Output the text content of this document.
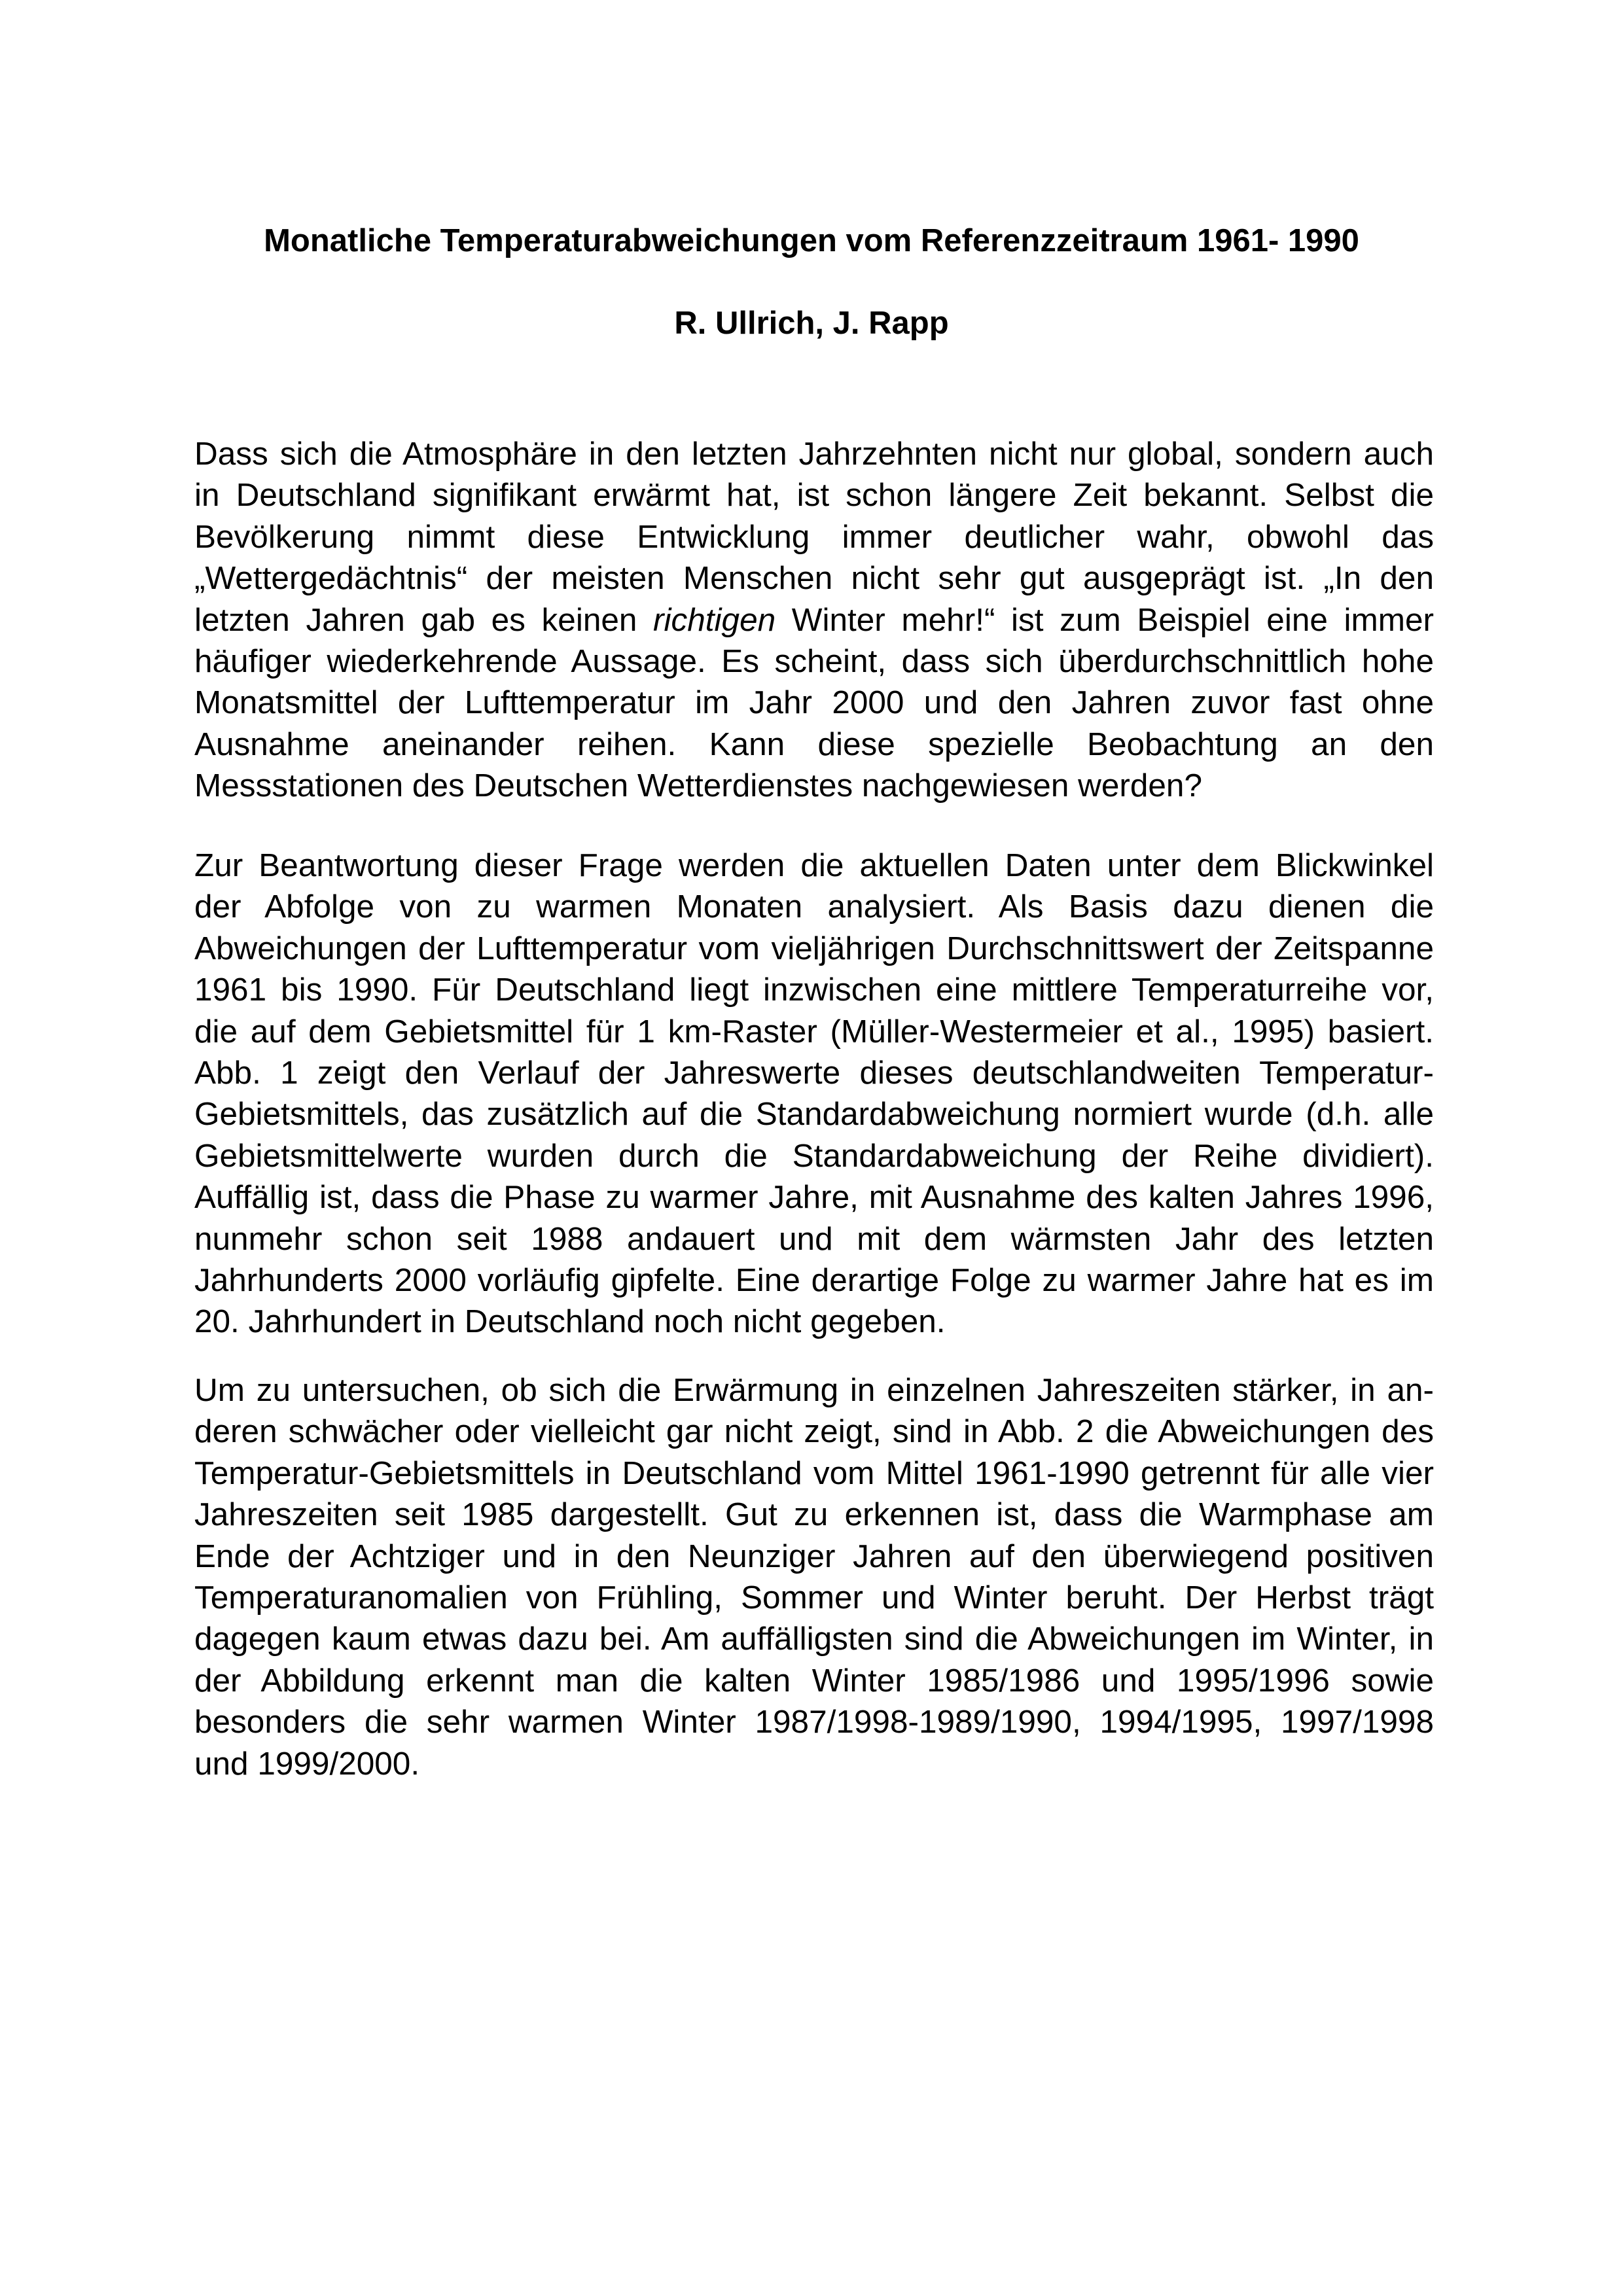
Monatliche Temperaturabweichungen vom Referenzzeitraum 1961- 1990
R. Ullrich, J. Rapp
Dass sich die Atmosphäre in den letzten Jahrzehnten nicht nur global, sondern auch
in Deutschland signifikant erwärmt hat, ist schon längere Zeit bekannt. Selbst die
Bevölkerung nimmt diese Entwicklung immer deutlicher wahr, obwohl das
„Wettergedächtnis“ der meisten Menschen nicht sehr gut ausgeprägt ist. „In den
letzten Jahren gab es keinen richtigen Winter mehr!“ ist zum Beispiel eine immer
häufiger wiederkehrende Aussage. Es scheint, dass sich überdurchschnittlich hohe
Monatsmittel der Lufttemperatur im Jahr 2000 und den Jahren zuvor fast ohne
Ausnahme aneinander reihen. Kann diese spezielle Beobachtung an den
Messstationen des Deutschen Wetterdienstes nachgewiesen werden?
Zur Beantwortung dieser Frage werden die aktuellen Daten unter dem Blickwinkel
der Abfolge von zu warmen Monaten analysiert. Als Basis dazu dienen die
Abweichungen der Lufttemperatur vom vieljährigen Durchschnittswert der Zeitspanne
1961 bis 1990. Für Deutschland liegt inzwischen eine mittlere Temperaturreihe vor,
die auf dem Gebietsmittel für 1 km-Raster (Müller-Westermeier et al., 1995) basiert.
Abb. 1 zeigt den Verlauf der Jahreswerte dieses deutschlandweiten Temperatur-
Gebietsmittels, das zusätzlich auf die Standardabweichung normiert wurde (d.h. alle
Gebietsmittelwerte wurden durch die Standardabweichung der Reihe dividiert).
Auffällig ist, dass die Phase zu warmer Jahre, mit Ausnahme des kalten Jahres 1996,
nunmehr schon seit 1988 andauert und mit dem wärmsten Jahr des letzten
Jahrhunderts 2000 vorläufig gipfelte. Eine derartige Folge zu warmer Jahre hat es im
20. Jahrhundert in Deutschland noch nicht gegeben.
Um zu untersuchen, ob sich die Erwärmung in einzelnen Jahreszeiten stärker, in an-
deren schwächer oder vielleicht gar nicht zeigt, sind in Abb. 2 die Abweichungen des
Temperatur-Gebietsmittels in Deutschland vom Mittel 1961-1990 getrennt für alle vier
Jahreszeiten seit 1985 dargestellt. Gut zu erkennen ist, dass die Warmphase am
Ende der Achtziger und in den Neunziger Jahren auf den überwiegend positiven
Temperaturanomalien von Frühling, Sommer und Winter beruht. Der Herbst trägt
dagegen kaum etwas dazu bei. Am auffälligsten sind die Abweichungen im Winter, in
der Abbildung erkennt man die kalten Winter 1985/1986 und 1995/1996 sowie
besonders die sehr warmen Winter 1987/1998-1989/1990, 1994/1995, 1997/1998
und 1999/2000.
